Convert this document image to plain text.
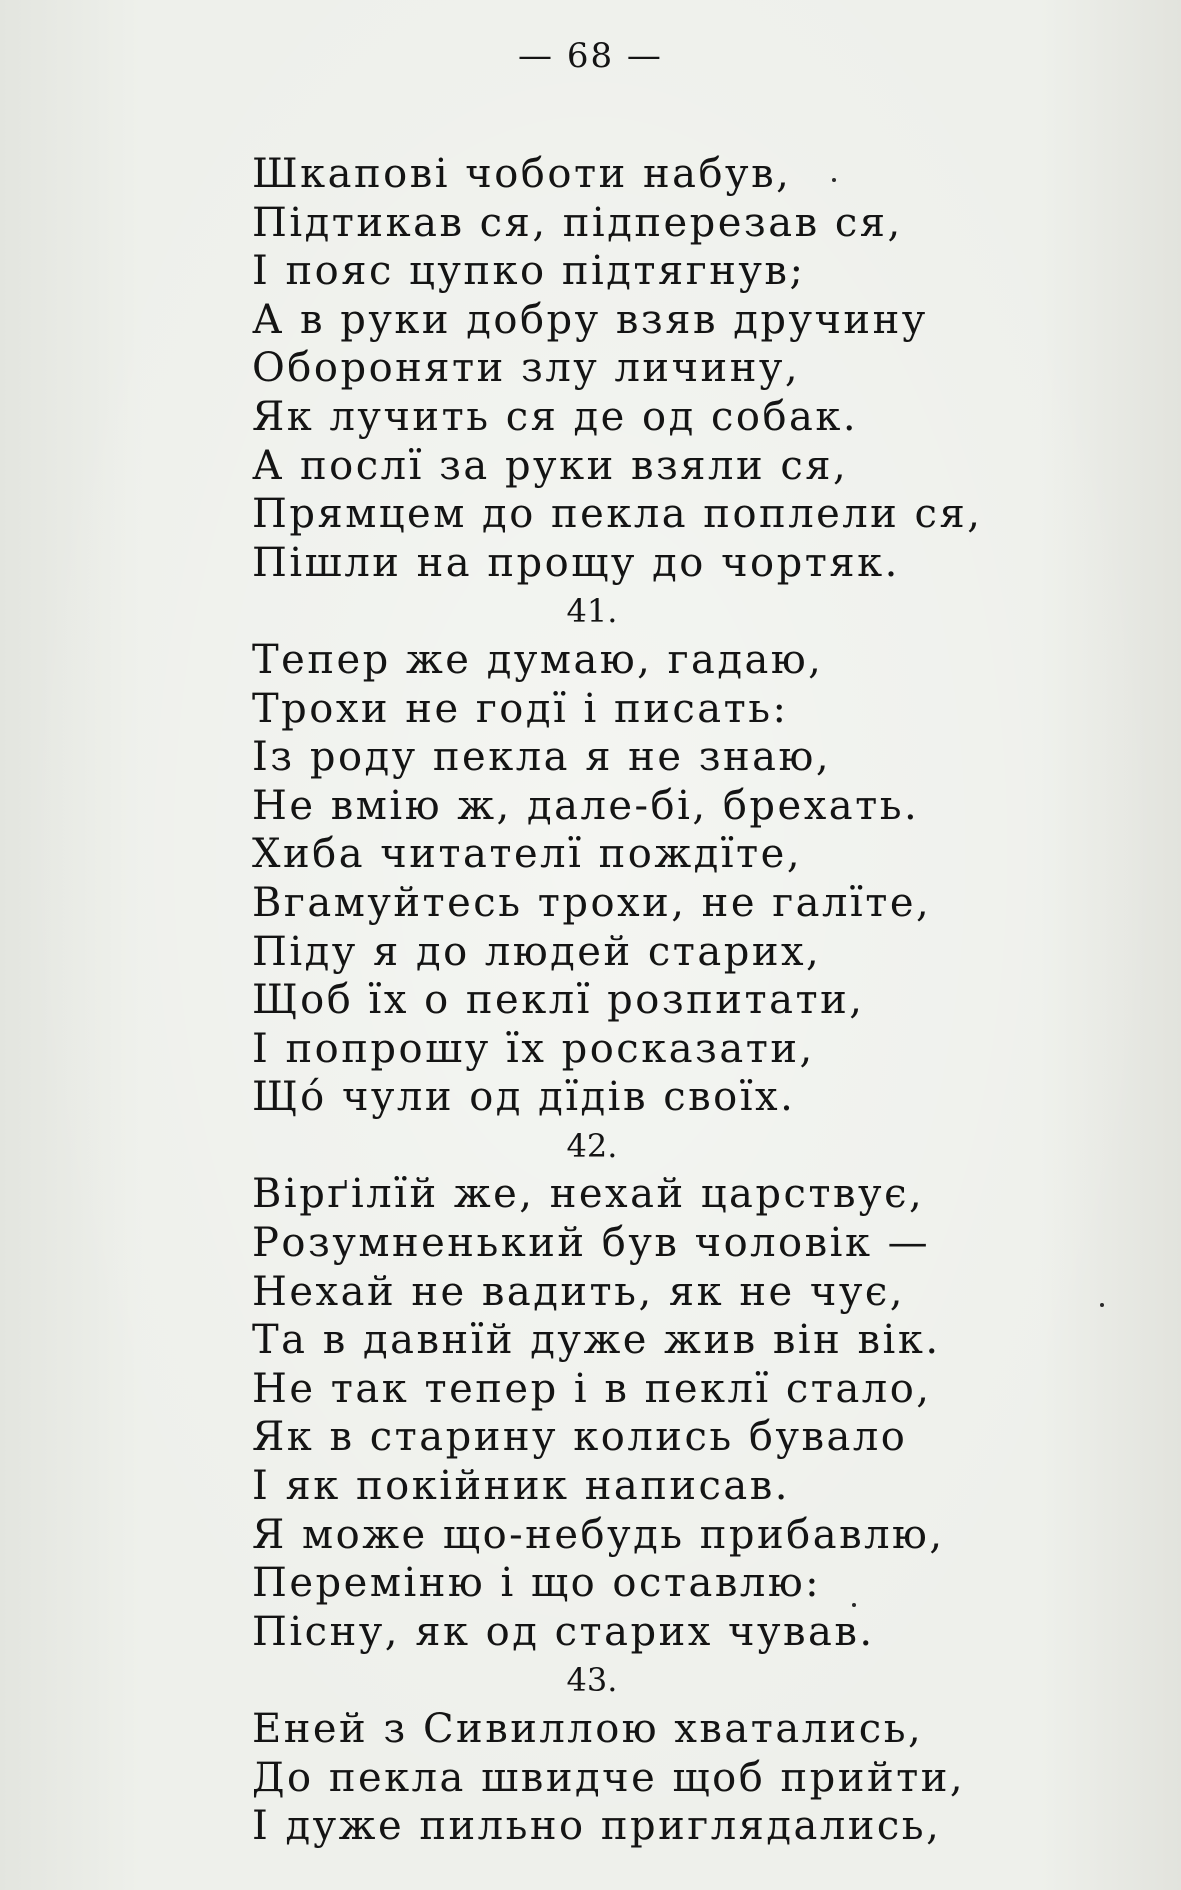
— 68 —
Шкапові чоботи набув,
Підтикав ся, підперезав ся,
І пояс цупко підтягнув;
А в руки добру взяв дручину
Обороняти злу личину,
Як лучить ся де од собак.
А послї за руки взяли ся,
Прямцем до пекла поплели ся,
Пішли на прощу до чортяк.
41.
Тепер же думаю, гадаю,
Трохи не годї і писать:
Із роду пекла я не знаю,
Не вмію ж, дале-бі, брехать.
Хиба читателї пождїте,
Вгамуйтесь трохи, не галїте,
Піду я до людей старих,
Щоб їх о пеклї розпитати,
І попрошу їх росказати,
Щó чули од дїдів своїх.
42.
Вірґілїй же, нехай царствує,
Розумненький був чоловік —
Нехай не вадить, як не чує,
Та в давнїй дуже жив він вік.
Не так тепер і в пеклї стало,
Як в старину колись бувало
І як покійник написав.
Я може що-небудь прибавлю,
Переміню і що оставлю:
Пісну, як од старих чував.
43.
Еней з Сивиллою хватались,
До пекла швидче щоб прийти,
І дуже пильно приглядались,
